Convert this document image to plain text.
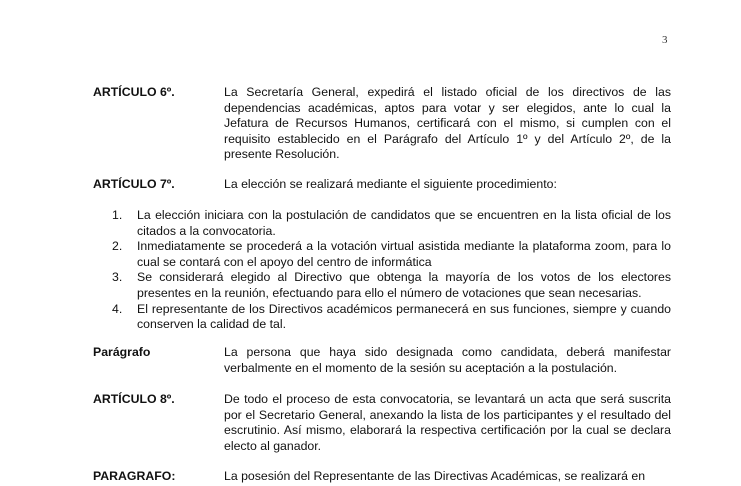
3
ARTÍCULO 6º.	La Secretaría General, expedirá el listado oficial de los directivos de las dependencias académicas, aptos para votar y ser elegidos, ante lo cual la Jefatura de Recursos Humanos, certificará con el mismo, si cumplen con el requisito establecido en el Parágrafo del Artículo 1º y del Artículo 2º, de la presente Resolución.
ARTÍCULO 7º.	La elección se realizará mediante el siguiente procedimiento:
1. La elección iniciara con la postulación de candidatos que se encuentren en la lista oficial de los citados a la convocatoria.
2. Inmediatamente se procederá a la votación virtual asistida mediante la plataforma zoom, para lo cual se contará con el apoyo del centro de informática
3. Se considerará elegido al Directivo que obtenga la mayoría de los votos de los electores presentes en la reunión, efectuando para ello el número de votaciones que sean necesarias.
4. El representante de los Directivos académicos permanecerá en sus funciones, siempre y cuando conserven la calidad de tal.
Parágrafo	La persona que haya sido designada como candidata, deberá manifestar verbalmente en el momento de la sesión su aceptación a la postulación.
ARTÍCULO 8º.	De todo el proceso de esta convocatoria, se levantará un acta que será suscrita por el Secretario General, anexando la lista de los participantes y el resultado del escrutinio. Así mismo, elaborará la respectiva certificación por la cual se declara electo al ganador.
PARAGRAFO:	La posesión del Representante de las Directivas Académicas, se realizará en
